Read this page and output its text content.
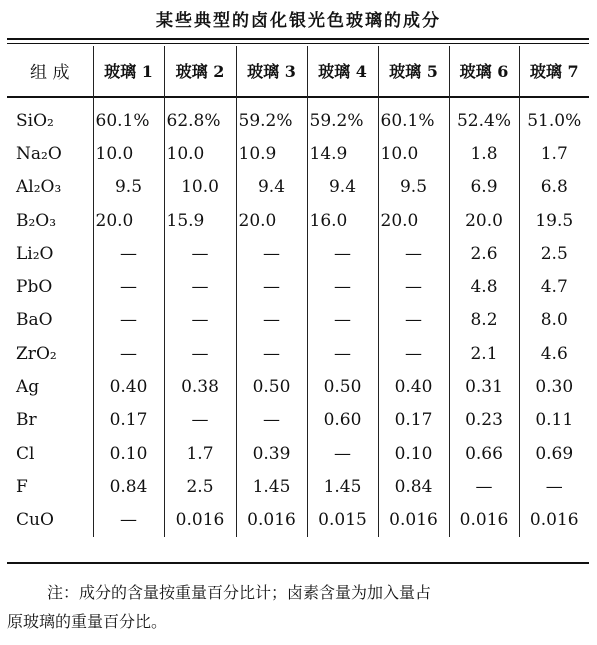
某些典型的卤化银光色玻璃的成分
组 成	玻璃 1	玻璃 2	玻璃 3	玻璃 4	玻璃 5	玻璃 6	玻璃 7
SiO₂	60.1%	62.8%	59.2%	59.2%	60.1%	52.4%	51.0%
Na₂O	10.0	10.0	10.9	14.9	10.0	1.8	1.7
Al₂O₃	9.5	10.0	9.4	9.4	9.5	6.9	6.8
B₂O₃	20.0	15.9	20.0	16.0	20.0	20.0	19.5
Li₂O	—	—	—	—	—	2.6	2.5
PbO	—	—	—	—	—	4.8	4.7
BaO	—	—	—	—	—	8.2	8.0
ZrO₂	—	—	—	—	—	2.1	4.6
Ag	0.40	0.38	0.50	0.50	0.40	0.31	0.30
Br	0.17	—	—	0.60	0.17	0.23	0.11
Cl	0.10	1.7	0.39	—	0.10	0.66	0.69
F	0.84	2.5	1.45	1.45	0.84	—	—
CuO	—	0.016	0.016	0.015	0.016	0.016	0.016
注：成分的含量按重量百分比计；卤素含量为加入量占
原玻璃的重量百分比。
